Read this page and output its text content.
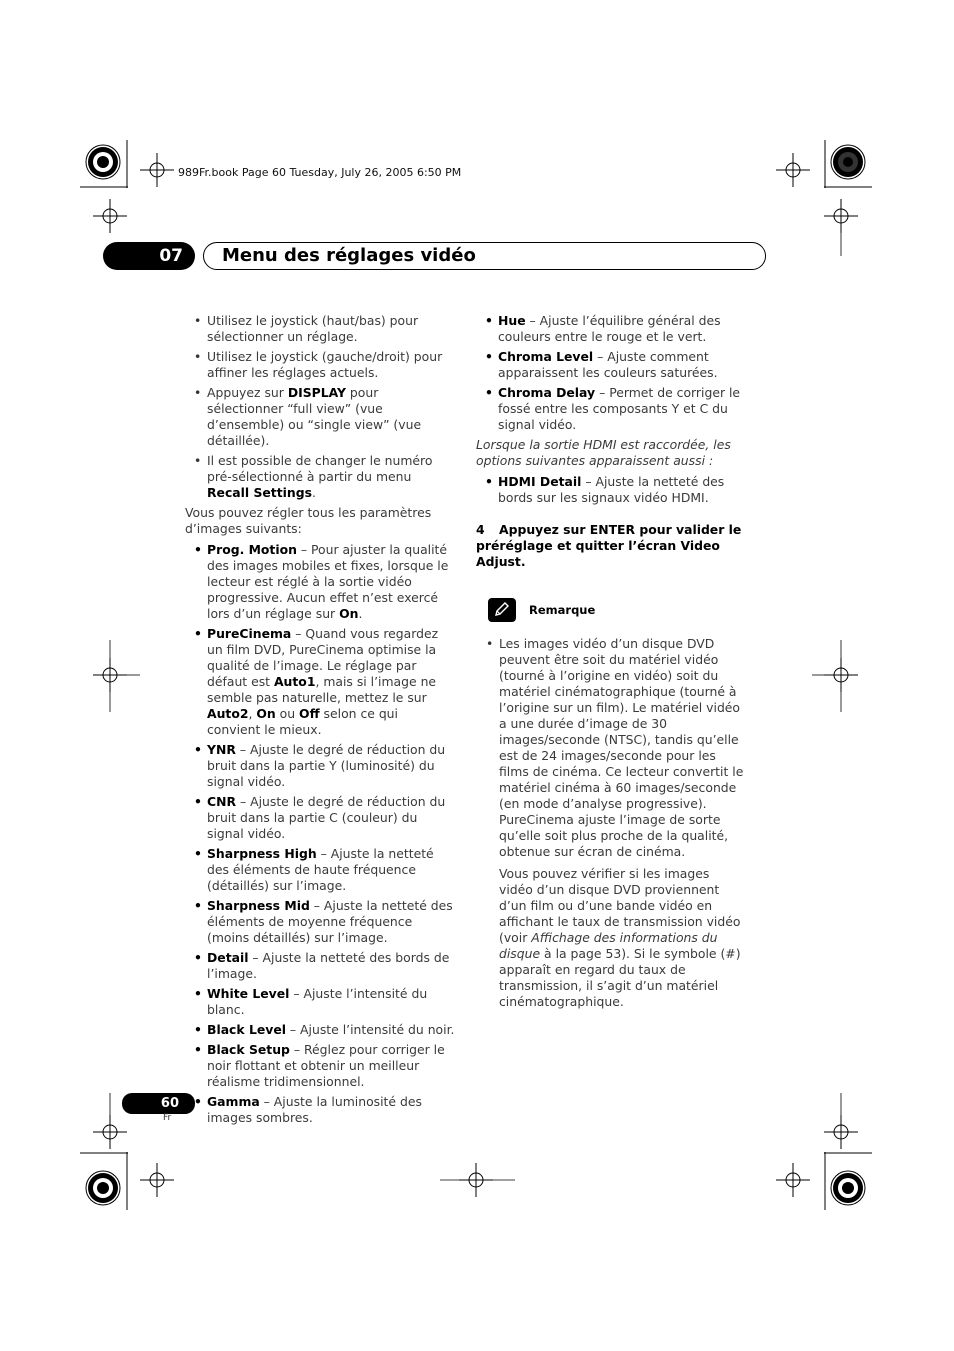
989Fr.book Page 60 Tuesday, July 26, 2005 6:50 PM
07	Menu des réglages vidéo
• Utilisez le joystick (haut/bas) pour sélectionner un réglage.
• Utilisez le joystick (gauche/droit) pour affiner les réglages actuels.
• Appuyez sur DISPLAY pour sélectionner “full view” (vue d’ensemble) ou “single view” (vue détaillée).
• Il est possible de changer le numéro pré-sélectionné à partir du menu Recall Settings.

Vous pouvez régler tous les paramètres d’images suivants:

• Prog. Motion – Pour ajuster la qualité des images mobiles et fixes, lorsque le lecteur est réglé à la sortie vidéo progressive. Aucun effet n’est exercé lors d’un réglage sur On.
• PureCinema – Quand vous regardez un film DVD, PureCinema optimise la qualité de l’image. Le réglage par défaut est Auto1, mais si l’image ne semble pas naturelle, mettez le sur Auto2, On ou Off selon ce qui convient le mieux.
• YNR – Ajuste le degré de réduction du bruit dans la partie Y (luminosité) du signal vidéo.
• CNR – Ajuste le degré de réduction du bruit dans la partie C (couleur) du signal vidéo.
• Sharpness High – Ajuste la netteté des éléments de haute fréquence (détaillés) sur l’image.
• Sharpness Mid – Ajuste la netteté des éléments de moyenne fréquence (moins détaillés) sur l’image.
• Detail – Ajuste la netteté des bords de l’image.
• White Level – Ajuste l’intensité du blanc.
• Black Level – Ajuste l’intensité du noir.
• Black Setup – Réglez pour corriger le noir flottant et obtenir un meilleur réalisme tridimensionnel.
• Gamma – Ajuste la luminosité des images sombres.
• Hue – Ajuste l’équilibre général des couleurs entre le rouge et le vert.
• Chroma Level – Ajuste comment apparaissent les couleurs saturées.
• Chroma Delay – Permet de corriger le fossé entre les composants Y et C du signal vidéo.

Lorsque la sortie HDMI est raccordée, les options suivantes apparaissent aussi :

• HDMI Detail – Ajuste la netteté des bords sur les signaux vidéo HDMI.
4 Appuyez sur ENTER pour valider le préréglage et quitter l’écran Video Adjust.
Remarque
• Les images vidéo d’un disque DVD peuvent être soit du matériel vidéo (tourné à l’origine en vidéo) soit du matériel cinématographique (tourné à l’origine sur un film). Le matériel vidéo a une durée d’image de 30 images/seconde (NTSC), tandis qu’elle est de 24 images/seconde pour les films de cinéma. Ce lecteur convertit le matériel cinéma à 60 images/seconde (en mode d’analyse progressive). PureCinema ajuste l’image de sorte qu’elle soit plus proche de la qualité, obtenue sur écran de cinéma.

Vous pouvez vérifier si les images vidéo d’un disque DVD proviennent d’un film ou d’une bande vidéo en affichant le taux de transmission vidéo (voir Affichage des informations du disque à la page 53). Si le symbole (#) apparaît en regard du taux de transmission, il s’agit d’un matériel cinématographique.

60
Fr
